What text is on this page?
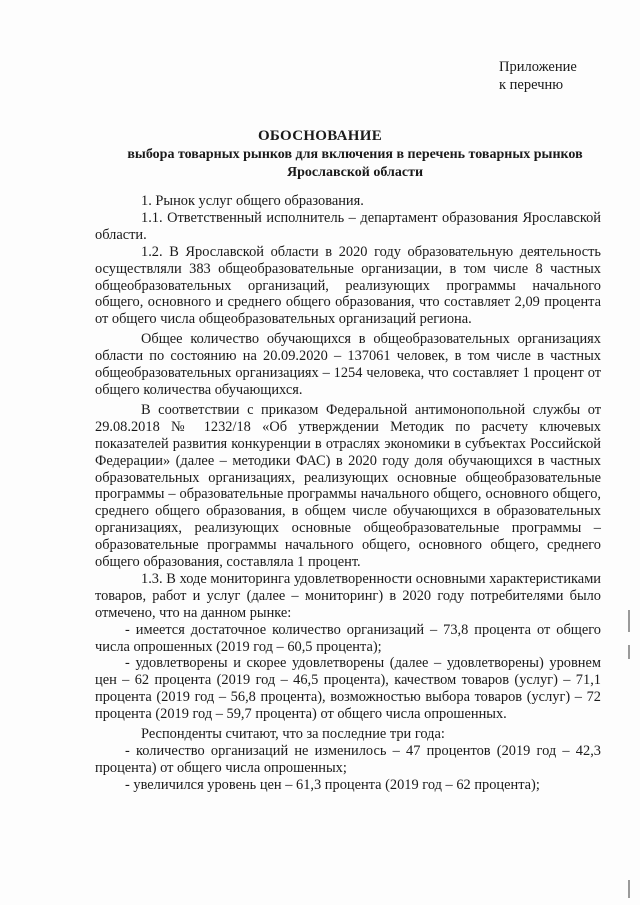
Приложение
к перечню
ОБОСНОВАНИЕ
выбора товарных рынков для включения в перечень товарных рынков
Ярославской области

1. Рынок услуг общего образования.

1.1. Ответственный исполнитель – департамент образования Ярославской области.

1.2. В Ярославской области в 2020 году образовательную деятельность осуществляли 383 общеобразовательные организации, в том числе 8 частных общеобразовательных организаций, реализующих программы начального общего, основного и среднего общего образования, что составляет 2,09 процента от общего числа общеобразовательных организаций региона.

Общее количество обучающихся в общеобразовательных организациях области по состоянию на 20.09.2020 – 137061 человек, в том числе в частных общеобразовательных организациях – 1254 человека, что составляет 1 процент от общего количества обучающихся.

В соответствии с приказом Федеральной антимонопольной службы от 29.08.2018 № 1232/18 «Об утверждении Методик по расчету ключевых показателей развития конкуренции в отраслях экономики в субъектах Российской Федерации» (далее – методики ФАС) в 2020 году доля обучающихся в частных образовательных организациях, реализующих основные общеобразовательные программы – образовательные программы начального общего, основного общего, среднего общего образования, в общем числе обучающихся в образовательных организациях, реализующих основные общеобразовательные программы – образовательные программы начального общего, основного общего, среднего общего образования, составляла 1 процент.

1.3. В ходе мониторинга удовлетворенности основными характеристиками товаров, работ и услуг (далее – мониторинг) в 2020 году потребителями было отмечено, что на данном рынке:

- имеется достаточное количество организаций – 73,8 процента от общего числа опрошенных (2019 год – 60,5 процента);

- удовлетворены и скорее удовлетворены (далее – удовлетворены) уровнем цен – 62 процента (2019 год – 46,5 процента), качеством товаров (услуг) – 71,1 процента (2019 год – 56,8 процента), возможностью выбора товаров (услуг) – 72 процента (2019 год – 59,7 процента) от общего числа опрошенных.

Респонденты считают, что за последние три года:

- количество организаций не изменилось – 47 процентов (2019 год – 42,3 процента) от общего числа опрошенных;

- увеличился уровень цен – 61,3 процента (2019 год – 62 процента);
